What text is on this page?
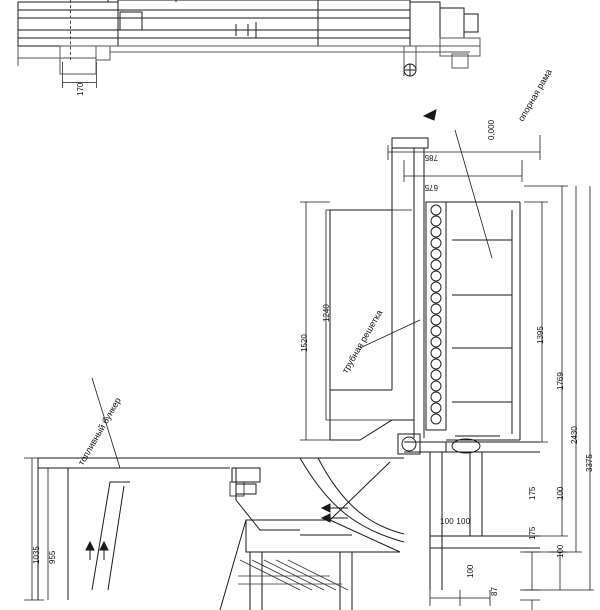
170	опорная рама
трубная решетка
топливный бункер
0,000
785
675
1520
1240
1395
1769
2430
3375
1035 955
175 100
100 100
175
100
100
87
